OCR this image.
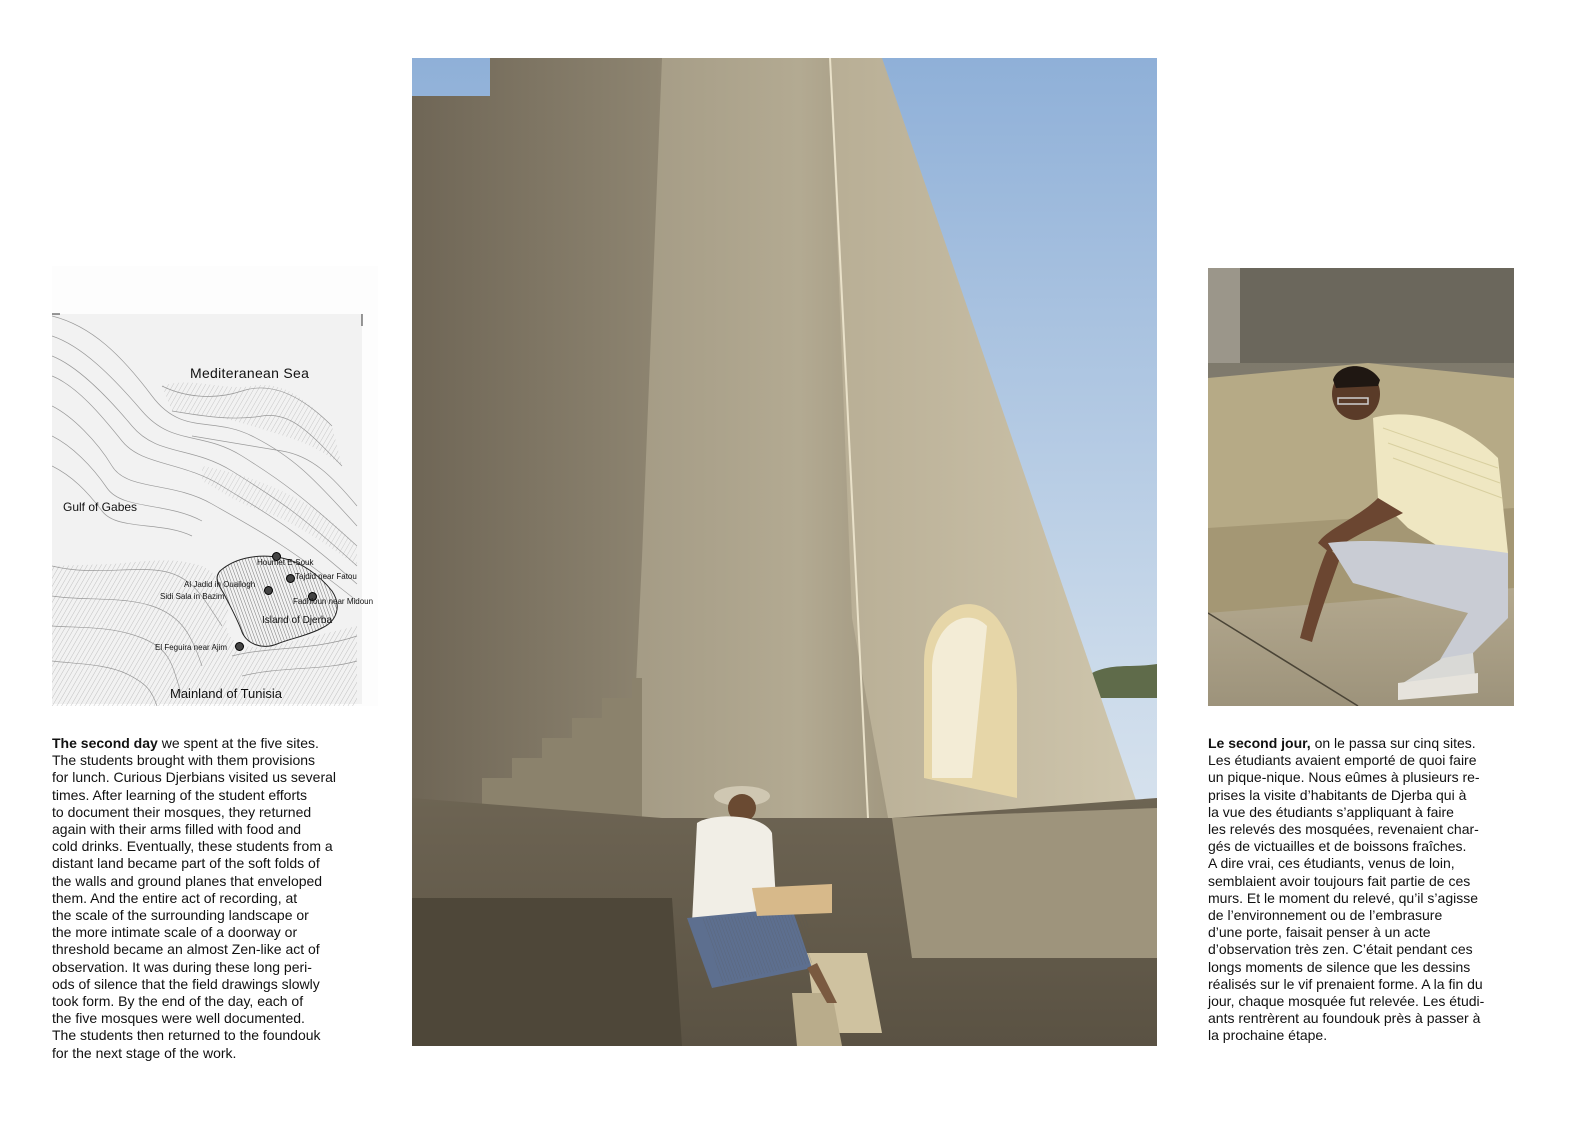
Mediteranean Sea
Gulf of Gabes
Island of Djerba
Mainland of Tunisia
Houmet E-Souk
Tajdid near Fatou
Al Jadid in Ouallogh
Sidi Sala in Bazim
Fadhloun near Midoun
El Feguira near Ajim

The second day we spent at the five sites.
The students brought with them provisions
for lunch. Curious Djerbians visited us several
times. After learning of the student efforts
to document their mosques, they returned
again with their arms filled with food and
cold drinks. Eventually, these students from a
distant land became part of the soft folds of
the walls and ground planes that enveloped
them. And the entire act of recording, at
the scale of the surrounding landscape or
the more intimate scale of a doorway or
threshold became an almost Zen-like act of
observation. It was during these long peri-
ods of silence that the field drawings slowly
took form. By the end of the day, each of
the five mosques were well documented.
The students then returned to the foundouk
for the next stage of the work.

Le second jour, on le passa sur cinq sites.
Les étudiants avaient emporté de quoi faire
un pique-nique. Nous eûmes à plusieurs re-
prises la visite d’habitants de Djerba qui à
la vue des étudiants s’appliquant à faire
les relevés des mosquées, revenaient char-
gés de victuailles et de boissons fraîches.
A dire vrai, ces étudiants, venus de loin,
semblaient avoir toujours fait partie de ces
murs. Et le moment du relevé, qu’il s’agisse
de l’environnement ou de l’embrasure
d’une porte, faisait penser à un acte
d’observation très zen. C’était pendant ces
longs moments de silence que les dessins
réalisés sur le vif prenaient forme. A la fin du
jour, chaque mosquée fut relevée. Les étudi-
ants rentrèrent au foundouk près à passer à
la prochaine étape.
